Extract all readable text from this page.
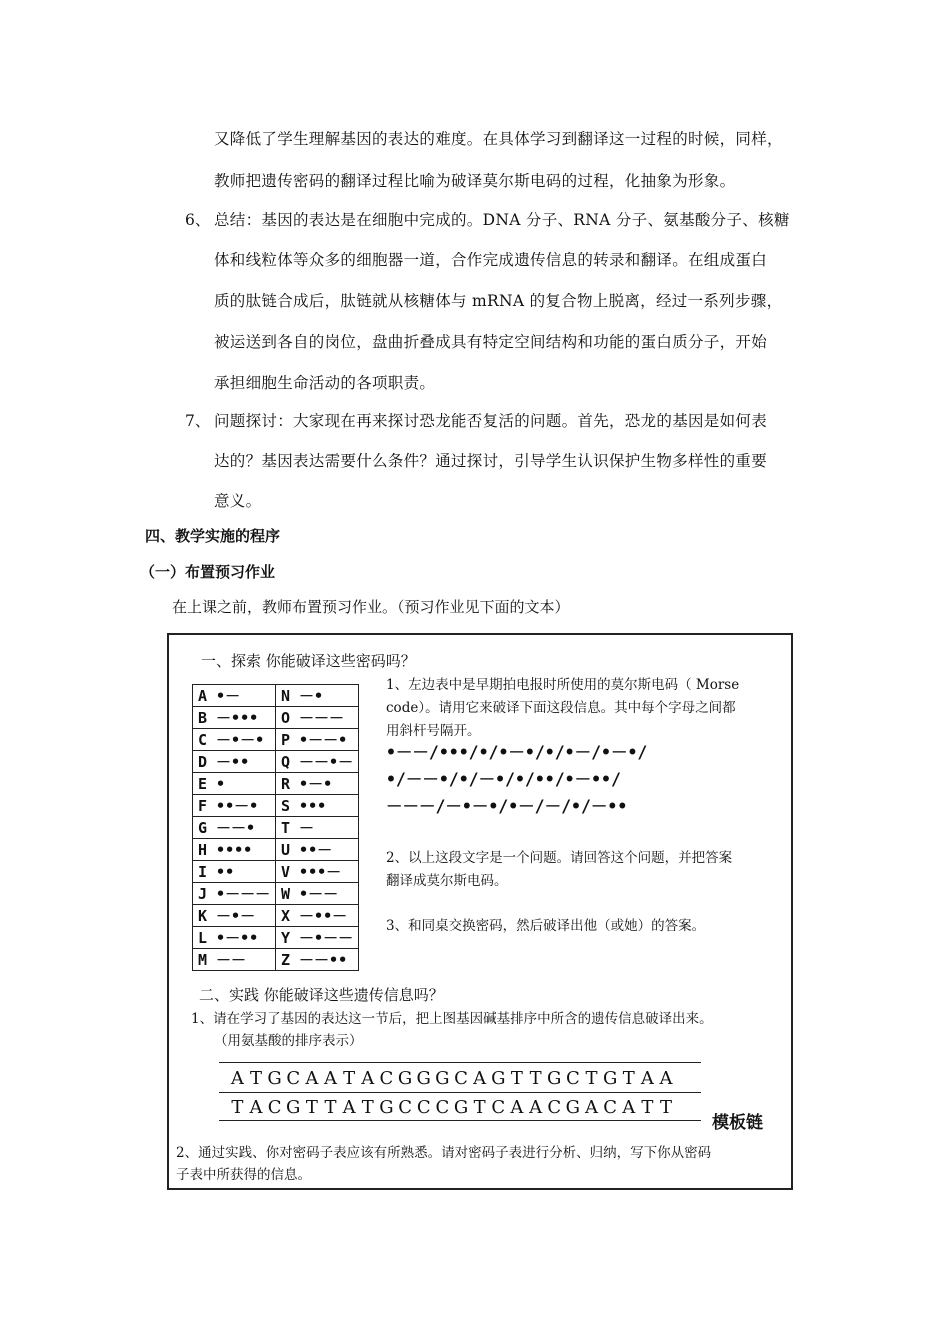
又降低了学生理解基因的表达的难度。在具体学习到翻译这一过程的时候，同样，
教师把遗传密码的翻译过程比喻为破译莫尔斯电码的过程，化抽象为形象。
6、 总结：基因的表达是在细胞中完成的。DNA 分子、RNA 分子、氨基酸分子、核糖
体和线粒体等众多的细胞器一道，合作完成遗传信息的转录和翻译。在组成蛋白
质的肽链合成后，肽链就从核糖体与 mRNA 的复合物上脱离，经过一系列步骤，
被运送到各自的岗位，盘曲折叠成具有特定空间结构和功能的蛋白质分子，开始
承担细胞生命活动的各项职责。
7、 问题探讨：大家现在再来探讨恐龙能否复活的问题。首先，恐龙的基因是如何表
达的？基因表达需要什么条件？通过探讨，引导学生认识保护生物多样性的重要
意义。
四、教学实施的程序
（一）布置预习作业
在上课之前，教师布置预习作业。（预习作业见下面的文本）
一、探索 你能破译这些密码吗？
A •－	N －•
B －•••	O －－－
C －•－•	P •－－•
D －••	Q －－•－
E •	R •－•
F ••－•	S •••
G －－•	T －
H ••••	U ••－
I ••	V •••－
J •－－－	W •－－
K －•－	X －••－
L •－••	Y －•－－
M －－	Z －－••
1、左边表中是早期拍电报时所使用的莫尔斯电码（ Morse
code）。请用它来破译下面这段信息。其中每个字母之间都
用斜杆号隔开。
•－－/•••/•/•－•/•/•－/•－•/
•/－－•/•/－•/•/••/•－••/
－－－/－•－•/•－/－/•/－••
2、以上这段文字是一个问题。请回答这个问题，并把答案
翻译成莫尔斯电码。
3、和同桌交换密码，然后破译出他（或她）的答案。
二、实践 你能破译这些遗传信息吗？
1、请在学习了基因的表达这一节后，把上图基因碱基排序中所含的遗传信息破译出来。
（用氨基酸的排序表示）
A T G C A A T A C G G G C A G T T G C T G T A A
T A C G T T A T G C C C G T C A A C G A C A T T
模板链
2、通过实践、你对密码子表应该有所熟悉。请对密码子表进行分析、归纳，写下你从密码
子表中所获得的信息。
